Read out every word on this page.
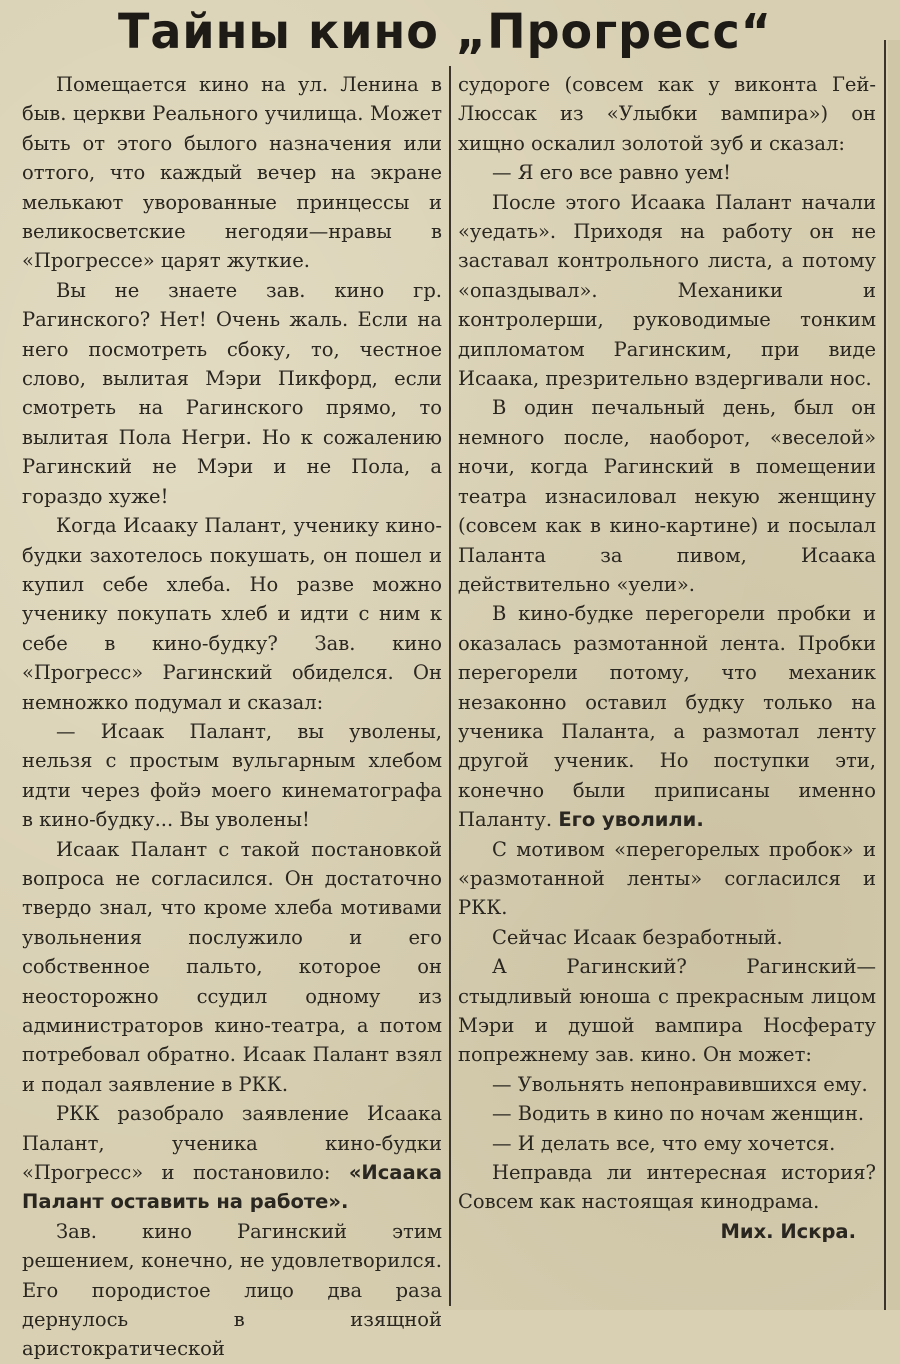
Тайны кино „Прогресс“

Помещается кино на ул. Ленина в быв. церкви Реального училища. Может быть от этого былого назначения или оттого, что каждый вечер на экране мелькают уворованные принцессы и великосветские негодяи—нравы в «Прогрессе» царят жуткие.

Вы не знаете зав. кино гр. Рагинского? Нет! Очень жаль. Если на него посмотреть сбоку, то, честное слово, вылитая Мэри Пикфорд, если смотреть на Рагинского прямо, то вылитая Пола Негри. Но к сожалению Рагинский не Мэри и не Пола, а гораздо хуже!

Когда Исааку Палант, ученику кино-будки захотелось покушать, он пошел и купил себе хлеба. Но разве можно ученику покупать хлеб и идти с ним к себе в кино-будку? Зав. кино «Прогресс» Рагинский обиделся. Он немножко подумал и сказал:

— Исаак Палант, вы уволены, нельзя с простым вульгарным хлебом идти через фойэ моего кинематографа в кино-будку... Вы уволены!

Исаак Палант с такой постановкой вопроса не согласился. Он достаточно твердо знал, что кроме хлеба мотивами увольнения послужило и его собственное пальто, которое он неосторожно ссудил одному из администраторов кино-театра, а потом потребовал обратно. Исаак Палант взял и подал заявление в РКК.

РКК разобрало заявление Исаака Палант, ученика кино-будки «Прогресс» и постановило: «Исаака Палант оставить на работе».

Зав. кино Рагинский этим решением, конечно, не удовлетворился. Его породистое лицо два раза дернулось в изящной аристократической

судороге (совсем как у виконта Гей-Люссак из «Улыбки вампира») он хищно оскалил золотой зуб и сказал:

— Я его все равно уем!

После этого Исаака Палант начали «уедать». Приходя на работу он не заставал контрольного листа, а потому «опаздывал». Механики и контролерши, руководимые тонким дипломатом Рагинским, при виде Исаака, презрительно вздергивали нос.

В один печальный день, был он немного после, наоборот, «веселой» ночи, когда Рагинский в помещении театра изнасиловал некую женщину (совсем как в кино-картине) и посылал Паланта за пивом, Исаака действительно «уели».

В кино-будке перегорели пробки и оказалась размотанной лента. Пробки перегорели потому, что механик незаконно оставил будку только на ученика Паланта, а размотал ленту другой ученик. Но поступки эти, конечно были приписаны именно Паланту. Его уволили.

С мотивом «перегорелых пробок» и «размотанной ленты» согласился и РКК.

Сейчас Исаак безработный.

А Рагинский? Рагинский—стыдливый юноша с прекрасным лицом Мэри и душой вампира Носферату попрежнему зав. кино. Он может:

— Увольнять непонравившихся ему.

— Водить в кино по ночам женщин.

— И делать все, что ему хочется.

Неправда ли интересная история? Совсем как настоящая кинодрама.

Мих. Искра.
